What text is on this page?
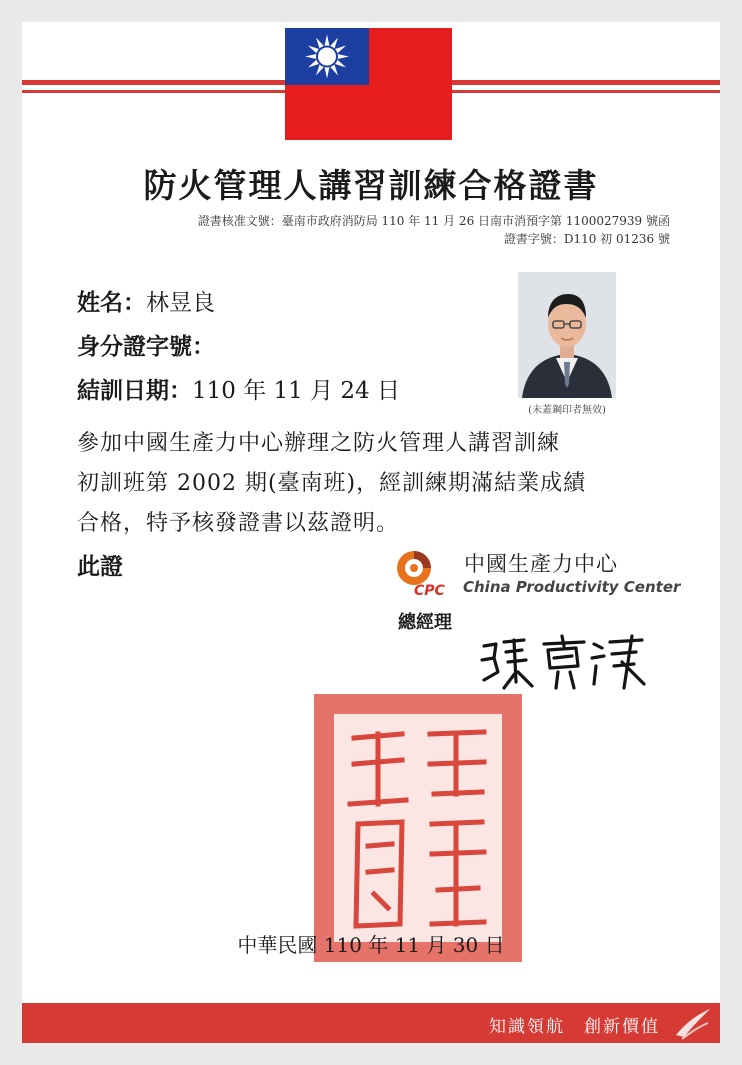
防火管理人講習訓練合格證書
證書核准文號：臺南市政府消防局 110 年 11 月 26 日南市消預字第 1100027939 號函
證書字號：D110 初 01236 號
姓名：林昱良
身分證字號：
結訓日期：110 年 11 月 24 日
(未蓋鋼印者無效)
參加中國生產力中心辦理之防火管理人講習訓練
初訓班第 2002 期(臺南班)，經訓練期滿結業成績
合格，特予核發證書以茲證明。
此證
CPC
中國生產力中心
China Productivity Center
總經理
中華民國 110 年 11 月 30 日
知識領航　創新價值
